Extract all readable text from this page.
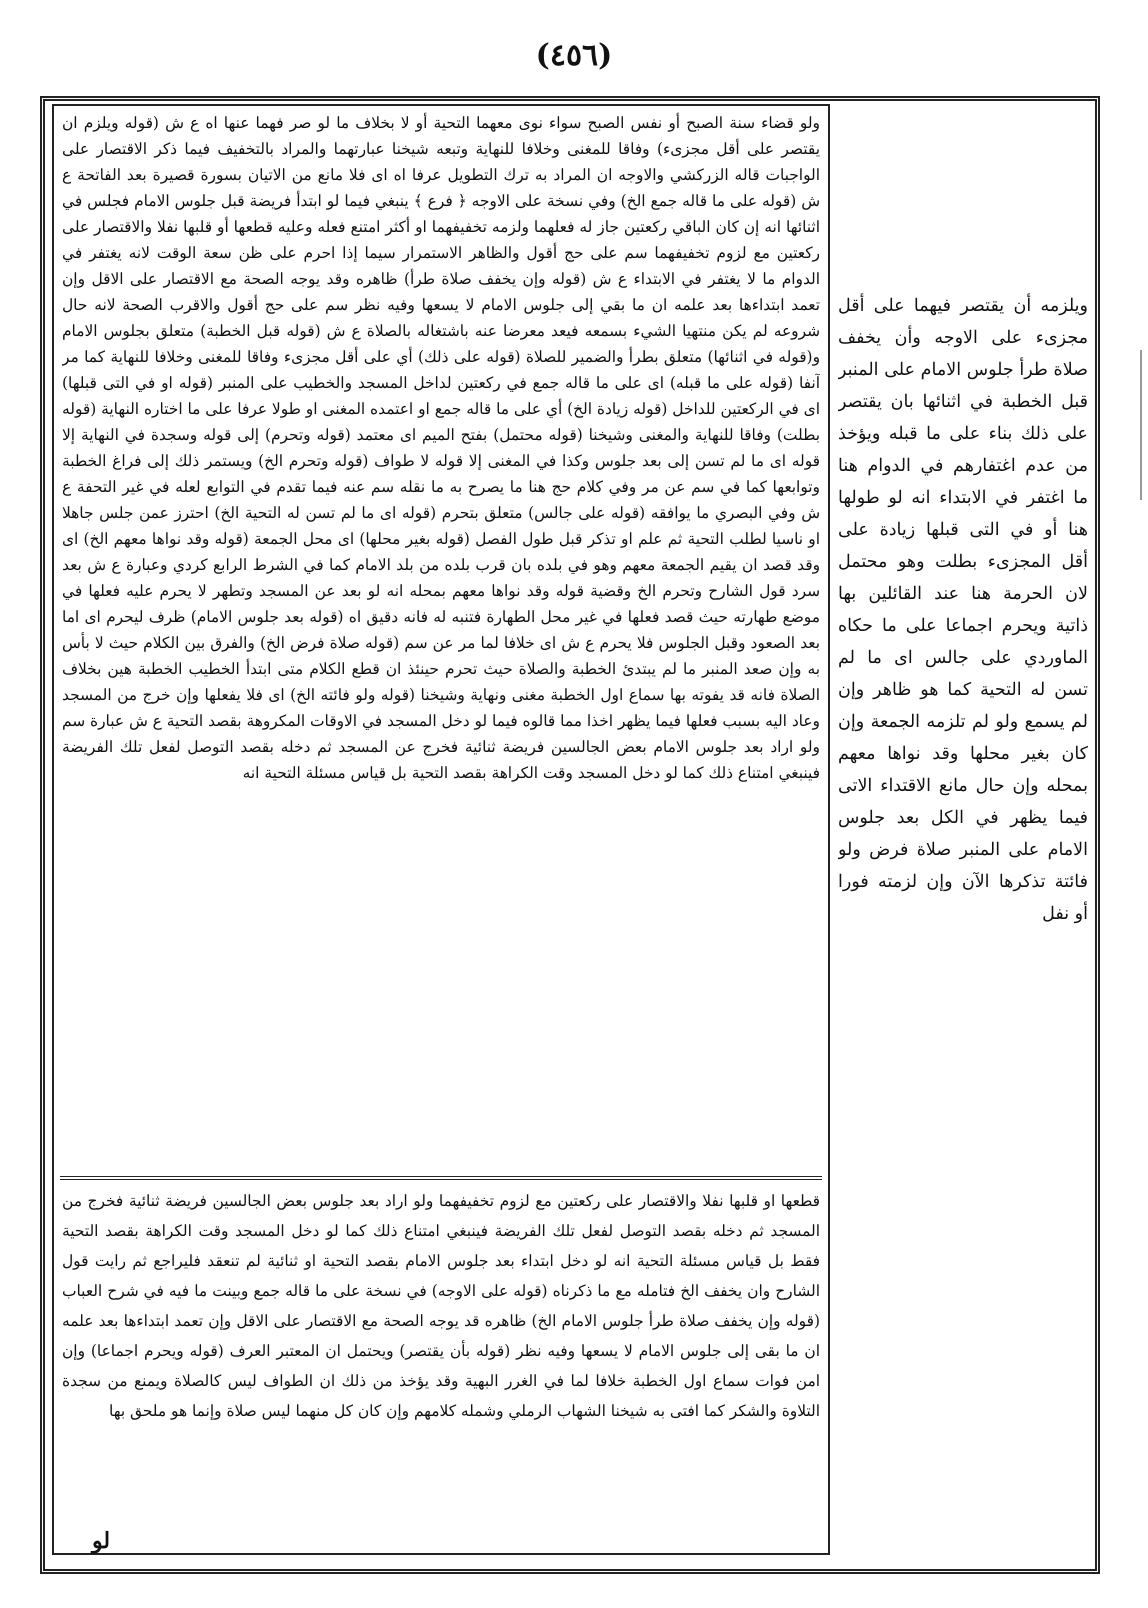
(٤٥٦)

ولو قضاء سنة الصبح أو نفس الصبح سواء نوى معهما التحية أو لا بخلاف ما لو صر فهما عنها اه ع ش (قوله ويلزم ان يقتصر على أقل مجزىء) وفاقا للمغنى وخلافا للنهاية وتبعه شيخنا عبارتهما والمراد بالتخفيف فيما ذكر الاقتصار على الواجبات قاله الزركشي والاوجه ان المراد به ترك التطويل عرفا اه اى فلا مانع من الاتيان بسورة قصيرة بعد الفاتحة ع ش (قوله على ما قاله جمع الخ) وفي نسخة على الاوجه ﴿ فرع ﴾ ينبغي فيما لو ابتدأ فريضة قبل جلوس الامام فجلس في اثنائها انه إن كان الباقي ركعتين جاز له فعلهما ولزمه تخفيفهما او أكثر امتنع فعله وعليه قطعها أو قلبها نفلا والاقتصار على ركعتين مع لزوم تخفيفهما سم على حج أقول والظاهر الاستمرار سيما إذا احرم على ظن سعة الوقت لانه يغتفر في الدوام ما لا يغتفر في الابتداء ع ش (قوله وإن يخفف صلاة طرأ) ظاهره وقد يوجه الصحة مع الاقتصار على الاقل وإن تعمد ابتداءها بعد علمه ان ما بقي إلى جلوس الامام لا يسعها وفيه نظر سم على حج أقول والاقرب الصحة لانه حال شروعه لم يكن منتهيا الشيء بسمعه فيعد معرضا عنه باشتغاله بالصلاة ع ش (قوله قبل الخطبة) متعلق بجلوس الامام و(قوله في اثنائها) متعلق بطرأ والضمير للصلاة (قوله على ذلك) أي على أقل مجزىء وفاقا للمغنى وخلافا للنهاية كما مر آنفا (قوله على ما قبله) اى على ما قاله جمع في ركعتين لداخل المسجد والخطيب على المنبر (قوله او في التى قبلها) اى في الركعتين للداخل (قوله زيادة الخ) أي على ما قاله جمع او اعتمده المغنى او طولا عرفا على ما اختاره النهاية (قوله بطلت) وفاقا للنهاية والمغنى وشيخنا (قوله محتمل) بفتح الميم اى معتمد (قوله وتحرم) إلى قوله وسجدة في النهاية إلا قوله اى ما لم تسن إلى بعد جلوس وكذا في المغنى إلا قوله لا طواف (قوله وتحرم الخ) ويستمر ذلك إلى فراغ الخطبة وتوابعها كما في سم عن مر وفي كلام حج هنا ما يصرح به ما نقله سم عنه فيما تقدم في التوابع لعله في غير التحفة ع ش وفي البصري ما يوافقه (قوله على جالس) متعلق بتحرم (قوله اى ما لم تسن له التحية الخ) احترز عمن جلس جاهلا او ناسيا لطلب التحية ثم علم او تذكر قبل طول الفصل (قوله بغير محلها) اى محل الجمعة (قوله وقد نواها معهم الخ) اى وقد قصد ان يقيم الجمعة معهم وهو في بلده بان قرب بلده من بلد الامام كما في الشرط الرابع كردي وعبارة ع ش بعد سرد قول الشارح وتحرم الخ وقضية قوله وقد نواها معهم بمحله انه لو بعد عن المسجد وتطهر لا يحرم عليه فعلها في موضع طهارته حيث قصد فعلها في غير محل الطهارة فتنبه له فانه دقيق اه (قوله بعد جلوس الامام) ظرف ليحرم اى اما بعد الصعود وقبل الجلوس فلا يحرم ع ش اى خلافا لما مر عن سم (قوله صلاة فرض الخ) والفرق بين الكلام حيث لا بأس به وإن صعد المنبر ما لم يبتدئ الخطبة والصلاة حيث تحرم حينئذ ان قطع الكلام متى ابتدأ الخطيب الخطبة هين بخلاف الصلاة فانه قد يفوته بها سماع اول الخطبة مغنى ونهاية وشيخنا (قوله ولو فائته الخ) اى فلا يفعلها وإن خرج من المسجد وعاد اليه بسبب فعلها فيما يظهر اخذا مما قالوه فيما لو دخل المسجد في الاوقات المكروهة بقصد التحية ع ش عبارة سم ولو اراد بعد جلوس الامام بعض الجالسين فريضة ثنائية فخرج عن المسجد ثم دخله بقصد التوصل لفعل تلك الفريضة فينبغي امتناع ذلك كما لو دخل المسجد وقت الكراهة بقصد التحية بل قياس مسئلة التحية انه

قطعها او قلبها نفلا والاقتصار على ركعتين مع لزوم تخفيفهما ولو اراد بعد جلوس بعض الجالسين فريضة ثنائية فخرج من المسجد ثم دخله بقصد التوصل لفعل تلك الفريضة فينبغي امتناع ذلك كما لو دخل المسجد وقت الكراهة بقصد التحية فقط بل قياس مسئلة التحية انه لو دخل ابتداء بعد جلوس الامام بقصد التحية او ثنائية لم تنعقد فليراجع ثم رايت قول الشارح وان يخفف الخ فتامله مع ما ذكرناه (قوله على الاوجه) في نسخة على ما قاله جمع وبينت ما فيه في شرح العباب (قوله وإن يخفف صلاة طرأ جلوس الامام الخ) ظاهره قد يوجه الصحة مع الاقتصار على الاقل وإن تعمد ابتداءها بعد علمه ان ما بقى إلى جلوس الامام لا يسعها وفيه نظر (قوله بأن يقتصر) ويحتمل ان المعتبر العرف (قوله ويحرم اجماعا) وإن امن فوات سماع اول الخطبة خلافا لما في الغرر البهية وقد يؤخذ من ذلك ان الطواف ليس كالصلاة ويمنع من سجدة التلاوة والشكر كما افتى به شيخنا الشهاب الرملي وشمله كلامهم وإن كان كل منهما ليس صلاة وإنما هو ملحق بها

ويلزمه أن يقتصر فيهما على أقل مجزىء على الاوجه وأن يخفف صلاة طرأ جلوس الامام على المنبر قبل الخطبة في اثنائها بان يقتصر على ذلك بناء على ما قبله ويؤخذ من عدم اغتفارهم في الدوام هنا ما اغتفر في الابتداء انه لو طولها هنا أو في التى قبلها زيادة على أقل المجزىء بطلت وهو محتمل لان الحرمة هنا عند القائلين بها ذاتية ويحرم اجماعا على ما حكاه الماوردي على جالس اى ما لم تسن له التحية كما هو ظاهر وإن لم يسمع ولو لم تلزمه الجمعة وإن كان بغير محلها وقد نواها معهم بمحله وإن حال مانع الاقتداء الاتى فيما يظهر في الكل بعد جلوس الامام على المنبر صلاة فرض ولو فائتة تذكرها الآن وإن لزمته فورا أو نفل

لو
